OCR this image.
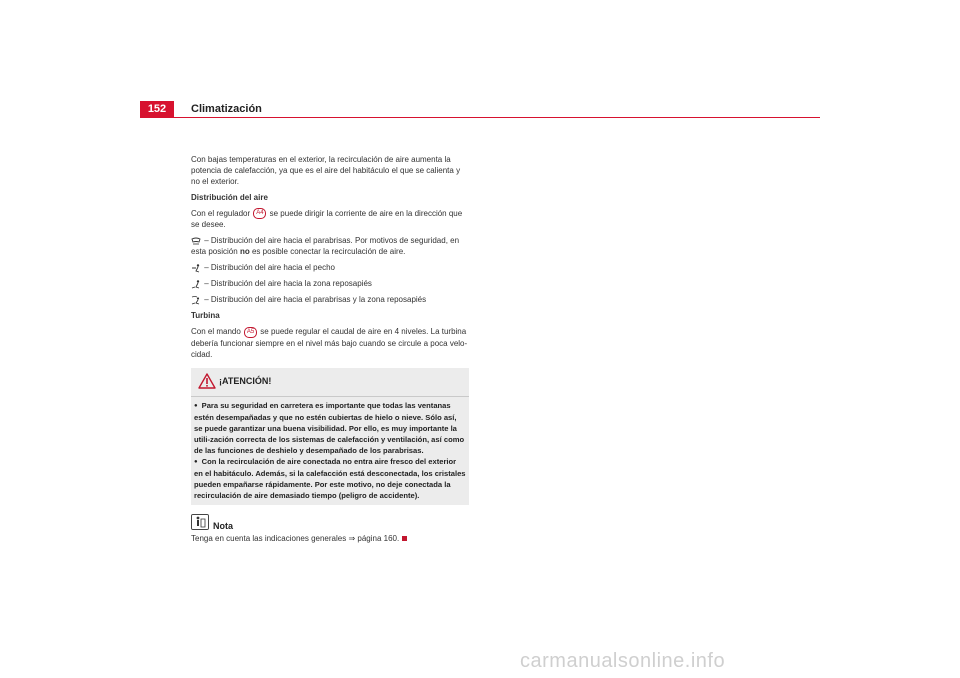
152	Climatización

Con bajas temperaturas en el exterior, la recirculación de aire aumenta la potencia de calefacción, ya que es el aire del habitáculo el que se calienta y no el exterior.

Distribución del aire

Con el regulador A4 se puede dirigir la corriente de aire en la dirección que se desee.

– Distribución del aire hacia el parabrisas. Por motivos de seguridad, en esta posición no es posible conectar la recirculación de aire.

– Distribución del aire hacia el pecho

– Distribución del aire hacia la zona reposapiés

– Distribución del aire hacia el parabrisas y la zona reposapiés

Turbina

Con el mando A5 se puede regular el caudal de aire en 4 niveles. La turbina debería funcionar siempre en el nivel más bajo cuando se circule a poca velo-cidad.

¡ATENCIÓN!

● Para su seguridad en carretera es importante que todas las ventanas estén desempañadas y que no estén cubiertas de hielo o nieve. Sólo así, se puede garantizar una buena visibilidad. Por ello, es muy importante la utili-zación correcta de los sistemas de calefacción y ventilación, así como de las funciones de deshielo y desempañado de los parabrisas.

● Con la recirculación de aire conectada no entra aire fresco del exterior en el habitáculo. Además, si la calefacción está desconectada, los cristales pueden empañarse rápidamente. Por este motivo, no deje conectada la recirculación de aire demasiado tiempo (peligro de accidente).

Nota

Tenga en cuenta las indicaciones generales ⇒ página 160.

carmanualsonline.info
